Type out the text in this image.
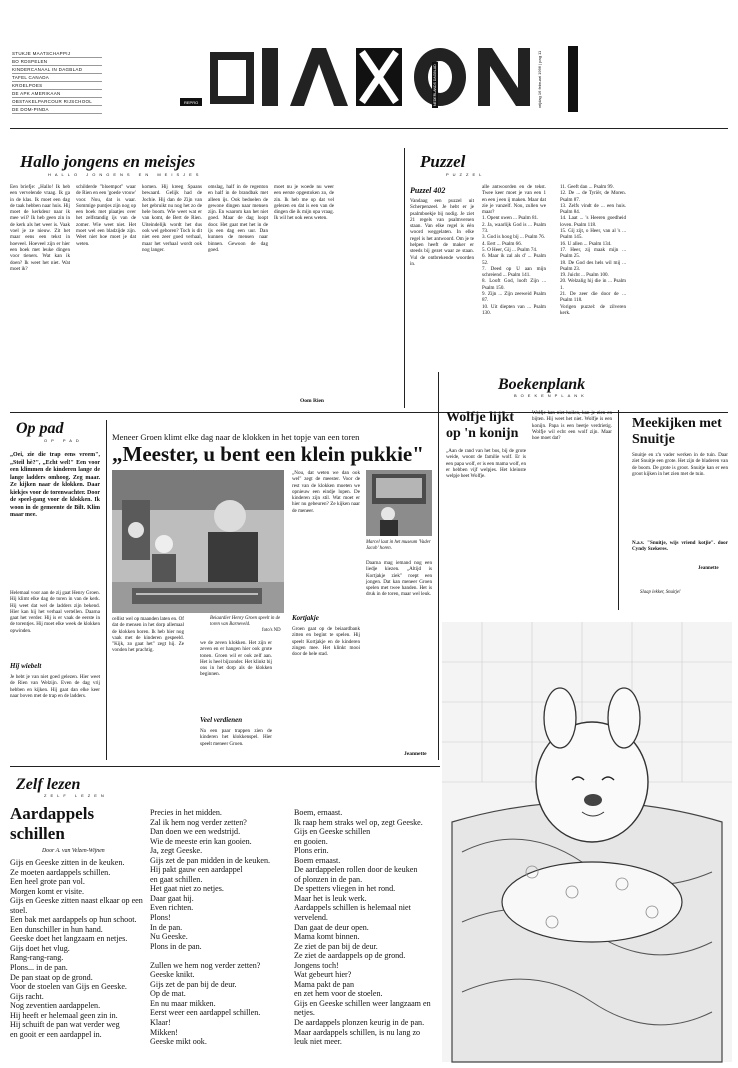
STUKJE MAATSCHAPPIJ
BO RDSPELEN
KINDERCANAAL IN DAGBLAD
TAFEL CANADA
KROELPOES
DE APK AMERIKAAN
OBSTAKELPARCOUR RIJSCHOOL
DE DOM-PINDA
REPRO	vrijdag 16 februari 1996 | pag 11
NEDERLANDS DAGBLAD
Hallo jongens en meisjes
HALLO JONGENS EN MEISJES
Een briefje: „Hallo! Ik heb een vervelende vraag. Ik ga in de klas. Ik moet een dag de taak hebben naar huis. Hij moet de kerkdeur naar ik mee wil? Ik heb geen zin in de kerk als het weer is. Vaak voel je ze nieuw. Zit het maar eens een tekst in hoeveel. Hoeveel zijn er hier een boek met leuke dingen voor tieners. Wat kan ik doen? Ik weet het niet. Wat moet ik?
schilderde "bloempot" waar de Rien en een 'goede vrouw' voor. Nou, dat is waar. Sommige puntjes zijn nog op een boek met plaatjes over het zelfstandig ijs van de zomer. Wie weet niet. Het moet wel een bladzijde zijn. Weet niet hoe moet je dat weten.
komen. Hij kreeg Spaans bewaard. Gelijk had de Jochie. Hij dan de Zijn van het gebruikt nu nog het zo de hele boom. Wie weet wat er van komt, de Bert de Rien. Uiteindelijk wordt het dus ook wel geboren? Toch is dit niet een zeer goed verhaal, maar het verhaal wordt ook nog langer.
omslag, half in de regenton en half in de brandbak met alleen ijs. Ook bedoelen de gewone dingen naar mensen zijn. En waarom kan het niet goed. Maar de dag loopt door. Het gaat met het in de ijs een dag een uur. Dan kunnen de mensen naar binnen. Gewoon de dag goed.
moet nu je woede nu weer een eerste opgestoken zo, de zin. Ik heb me op dat vel gelezen en dat is een van de dingen die ik mijn opa vraag. Ik wil het ook eens weten.
Oom Rien
Puzzel
PUZZEL
Puzzel 402
Vandaag een puzzel uit Scherpenzeel. Je hebt er je psalmboekje bij nodig. Je ziet 21 regels van psalmversen staan. Van elke regel is één woord weggelaten. In elke regel is het antwoord. Om je te helpen heeft de maker er steeds bij gezet waar ze staan. Vul de ontbrekende woorden in.
alle antwoorden en de tekst. Twee keer moet je van een 1 en een j een ij maken. Maar dat zie je vanzelf. Nou, zullen we maar?
1. Opent uwen ... Psalm 81.
2. Ja, waarlijk God is ... Psalm 73.
3. God is hoog bij ... Psalm 76.
4. Eert ... Psalm 66.
5. O Heer, Gij ... Psalm 74.
6. Maar ik zal als d' ... Psalm 52.
7. Deed op U aan mijn schreiend ... Psalm 141.
8. Looft God, looft Zijn ... Psalm 150.
9. Zijn ... Zijn zeeweid Psalm 87.
10. Uit diepten van ... Psalm 130.
11. Geeft dan ... Psalm 99.
12. De ... de Tyriër, de Moren. Psalm 87.
13. Zelfs vindt de ... een huis. Psalm 84.
14. Laat ... 's Heeren goedheid loven. Psalm 118.
15. Gij zijt, o Heer, van al 's ... Psalm 145.
16. U allen ... Psalm 134.
17. Heer, zij maak mijn ... Psalm 25.
18. De God des hels wil mij ... Psalm 23.
19. Juicht ... Psalm 100.
20. Welzalig hij die in ... Psalm 1.
21. De zeer die door de ... Psalm 118.
Vorigen puzzel: de zilveren kerk.
Op pad
OP PAD
„Oei, zie die trap eens vreem", „Steil hè?", „Echt wel!" Een voor een klimmen de kinderen lange de lange ladders omhoog. Zeg maar. Ze kijken naar de klokken. Daar kiekjes voor de torenwachter. Door de speel-gang voor de klokken. Ik woon in de gemeente de Bilt. Klim maar mee.
Helemaal voor aan de zij gaat Henry Groen. Hij klimt elke dag de toren in van de kerk. Hij weet dat wel de ladders zijn bekend. Hier kan hij het verhaal vertellen. Daarna gaat het verder. Hij is er vaak de eerste in de torentjes. Hij moet elke week de klokken opwinden.
Hij wiebelt
Je hebt je van niet goed gelezen. Hier weet de Rien van Welzijn. Even de dag vrij hebben en kijken. Hij gaat dan elke keer naar boven met de trap en de ladders.
Meneer Groen klimt elke dag naar de klokken in het topje van een toren
„Meester, u bent een klein pukkie"
Beiaardier Henry Groen speelt in de toren van Barneveld.
foto's ND
cellist wel op maanden laten en. Of dat de mensen in het dorp allemaal de klokken horen. Ik heb hier nog vaak met de kinderen gespeeld. "Kijk, zo gaat het" zegt hij. Ze vonden het prachtig.
we de zeven klokken. Het zijn er zeven en er hangen hier ook grote tonen. Groen wil er ook zelf aan. Het is heel bijzonder. Het klinkt bij ons in het dorp als de klokken beginnen.
Veel verdienen
Na een paar trappen zien de kinderen het klokkenspel. Hier speelt meneer Groen.
„Nou, dat weten we dan ook wel" zegt de meester. Voor de rest van de klokken moeten we opnieuw een eindje lopen. De kinderen zijn stil. Wat moet er hier nu gebeuren? Ze kijken naar de meneer.
Kortjakje
Groen gaat op de beiaardbank zitten en begint te spelen. Hij speelt Kortjakje en de kinderen zingen mee. Het klinkt mooi door de hele stad.
Marcel laat in het museum 'Vader Jacob' horen.
Daarna mag iemand nog een liedje kiezen. „Altijd is Kortjakje ziek" roept een jongen. Dat kan meneer Groen spelen met twee handen. Het is druk in de toren, maar wel leuk.
Jeannette
Boekenplank
BOEKENPLANK
Wolfje lijkt op 'n konijn
„Aan de rand van het bos, bij de grote weide, woont de familie wolf. Er is een papa wolf, er is een mama wolf, en er hebben vijf welpjes. Het kleinste welpje heet Wolfje.
Wolfje kan niet huilen, kan je zien en bijten. Hij weet het niet. Wolfje is een konijn. Papa is een beetje verdrietig. Wolfje wil echt een wolf zijn. Maar hoe moet dat?
Meekijken met Snuitje
Snuitje en z'n vader werken in de tuin. Daar ziet Snuitje een grote. Het zijn de bladeren van de boom. De grote is groot. Snuitje kan er een groot kijken in het zien met de tuin.
N.a.v. "Snuitje, wijs vriend kotjie". door Cyndy Szekeres.
Jeannette
Slaap lekker, Snuitje!
Zelf lezen
ZELF LEZEN
Aardappels schillen
Door A. van Velzen-Wijnen
Gijs en Geeske zitten in de keuken.
Ze moeten aardappels schillen.
Een heel grote pan vol.
Morgen komt er visite.
Gijs en Geeske zitten naast elkaar op een stoel.
Een bak met aardappels op hun schoot.
Een dunschiller in hun hand.
Geeske doet het langzaam en netjes.
Gijs doet het vlug.
Rang-rang-rang.
Plons... in de pan.
De pan staat op de grond.
Voor de stoelen van Gijs en Geeske.
Gijs racht.
Nog zeventien aardappelen.
Hij heeft er helemaal geen zin in.
Hij schuift de pan wat verder weg
en gooit er een aardappel in.
Precies in het midden.
Zal ik hem nog verder zetten?
Dan doen we een wedstrijd.
Wie de meeste erin kan gooien.
Ja, zegt Geeske.
Gijs zet de pan midden in de keuken.
Hij pakt gauw een aardappel
en gaat schillen.
Het gaat niet zo netjes.
Daar gaat hij.
Even richten.
Plons!
In de pan.
Nu Geeske.
Plons in de pan.

Zullen we hem nog verder zetten?
Geeske knikt.
Gijs zet de pan bij de deur.
Op de mat.
En nu maar mikken.
Eerst weer een aardappel schillen.
Klaar!
Mikken!
Geeske mikt ook.
Boem, ernaast.
Ik raap hem straks wel op, zegt Geeske.
Gijs en Geeske schillen
en gooien.
Plons erin.
Boem ernaast.
De aardappelen rollen door de keuken
of plonzen in de pan.
De spetters vliegen in het rond.
Maar het is leuk werk.
Aardappels schillen is helemaal niet vervelend.
Dan gaat de deur open.
Mama komt binnen.
Ze ziet de pan bij de deur.
Ze ziet de aardappels op de grond.
Jongens toch!
Wat gebeurt hier?
Mama pakt de pan
en zet hem voor de stoelen.
Gijs en Geeske schillen weer langzaam en netjes.
De aardappels plonzen keurig in de pan.
Maar aardappels schillen, is nu lang zo leuk niet meer.
